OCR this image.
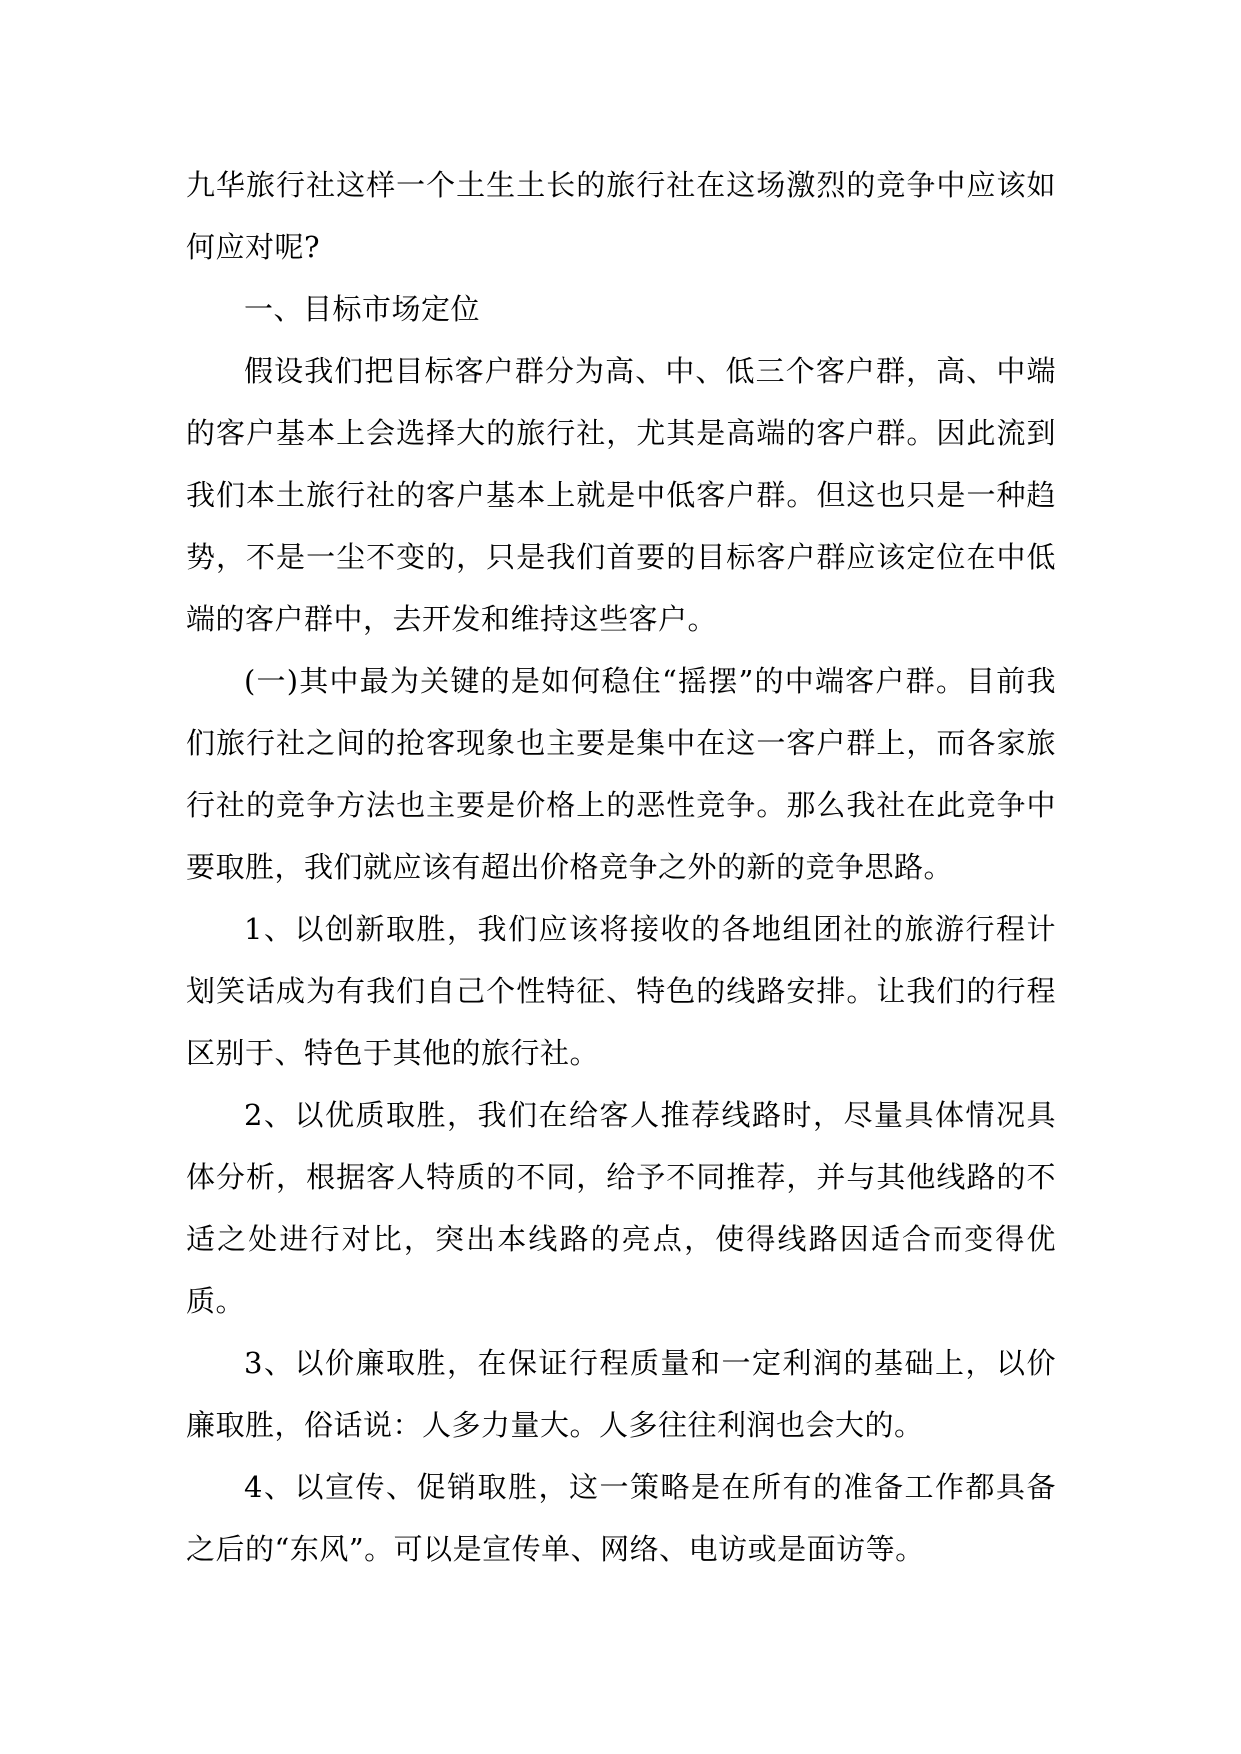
九华旅行社这样一个土生土长的旅行社在这场激烈的竞争中应该如何应对呢?

一、目标市场定位

假设我们把目标客户群分为高、中、低三个客户群，高、中端的客户基本上会选择大的旅行社，尤其是高端的客户群。因此流到我们本土旅行社的客户基本上就是中低客户群。但这也只是一种趋势，不是一尘不变的，只是我们首要的目标客户群应该定位在中低端的客户群中，去开发和维持这些客户。

(一)其中最为关键的是如何稳住“摇摆”的中端客户群。目前我们旅行社之间的抢客现象也主要是集中在这一客户群上，而各家旅行社的竞争方法也主要是价格上的恶性竞争。那么我社在此竞争中要取胜，我们就应该有超出价格竞争之外的新的竞争思路。

1、以创新取胜，我们应该将接收的各地组团社的旅游行程计划笑话成为有我们自己个性特征、特色的线路安排。让我们的行程区别于、特色于其他的旅行社。

2、以优质取胜，我们在给客人推荐线路时，尽量具体情况具体分析，根据客人特质的不同，给予不同推荐，并与其他线路的不适之处进行对比，突出本线路的亮点，使得线路因适合而变得优质。

3、以价廉取胜，在保证行程质量和一定利润的基础上，以价廉取胜，俗话说：人多力量大。人多往往利润也会大的。

4、以宣传、促销取胜，这一策略是在所有的准备工作都具备之后的“东风”。可以是宣传单、网络、电访或是面访等。
